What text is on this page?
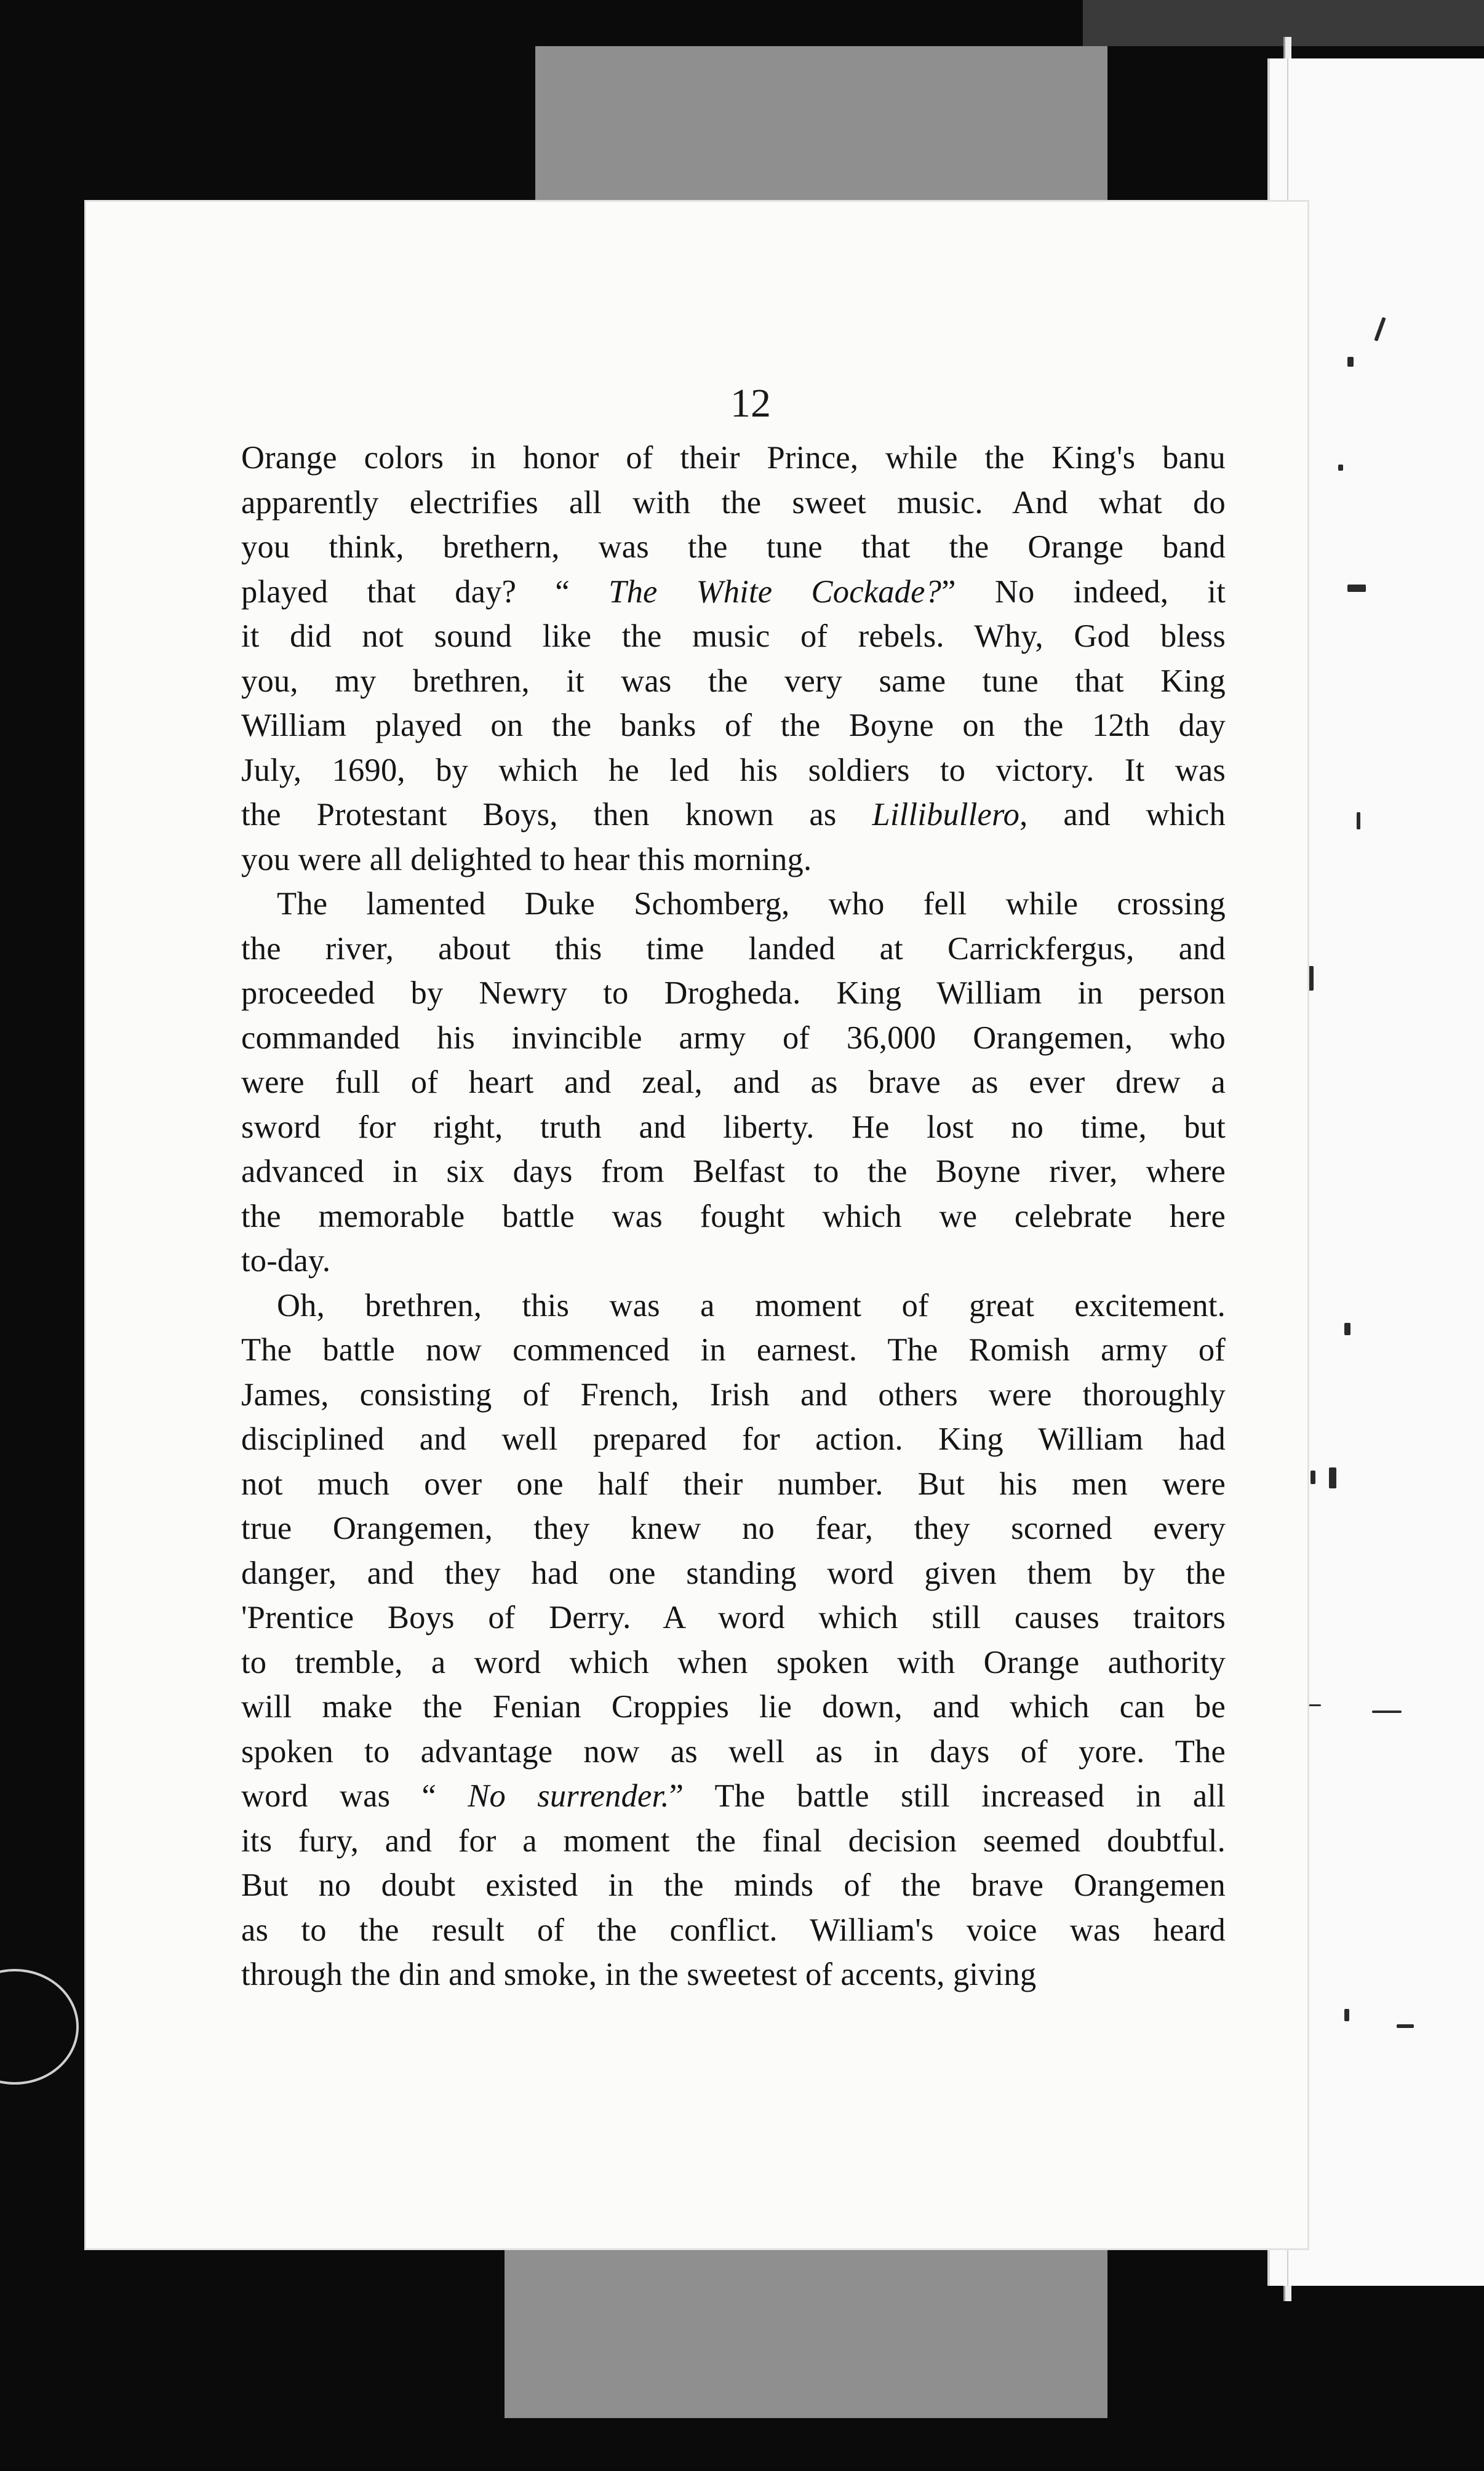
12

Orange colors in honor of their Prince, while the King's banu
apparently electrifies all with the sweet music. And what do
you think, brethern, was the tune that the Orange band
played that day? “ The White Cockade?” No indeed, it
it did not sound like the music of rebels. Why, God bless
you, my brethren, it was the very same tune that King
William played on the banks of the Boyne on the 12th day
July, 1690, by which he led his soldiers to victory. It was
the Protestant Boys, then known as Lillibullero, and which
you were all delighted to hear this morning.

The lamented Duke Schomberg, who fell while crossing
the river, about this time landed at Carrickfergus, and
proceeded by Newry to Drogheda. King William in person
commanded his invincible army of 36,000 Orangemen, who
were full of heart and zeal, and as brave as ever drew a
sword for right, truth and liberty. He lost no time, but
advanced in six days from Belfast to the Boyne river, where
the memorable battle was fought which we celebrate here
to-day.

Oh, brethren, this was a moment of great excitement.
The battle now commenced in earnest. The Romish army of
James, consisting of French, Irish and others were thoroughly
disciplined and well prepared for action. King William had
not much over one half their number. But his men were
true Orangemen, they knew no fear, they scorned every
danger, and they had one standing word given them by the
'Prentice Boys of Derry. A word which still causes traitors
to tremble, a word which when spoken with Orange authority
will make the Fenian Croppies lie down, and which can be
spoken to advantage now as well as in days of yore. The
word was “ No surrender.” The battle still increased in all
its fury, and for a moment the final decision seemed doubtful.
But no doubt existed in the minds of the brave Orangemen
as to the result of the conflict. William's voice was heard
through the din and smoke, in the sweetest of accents, giving
